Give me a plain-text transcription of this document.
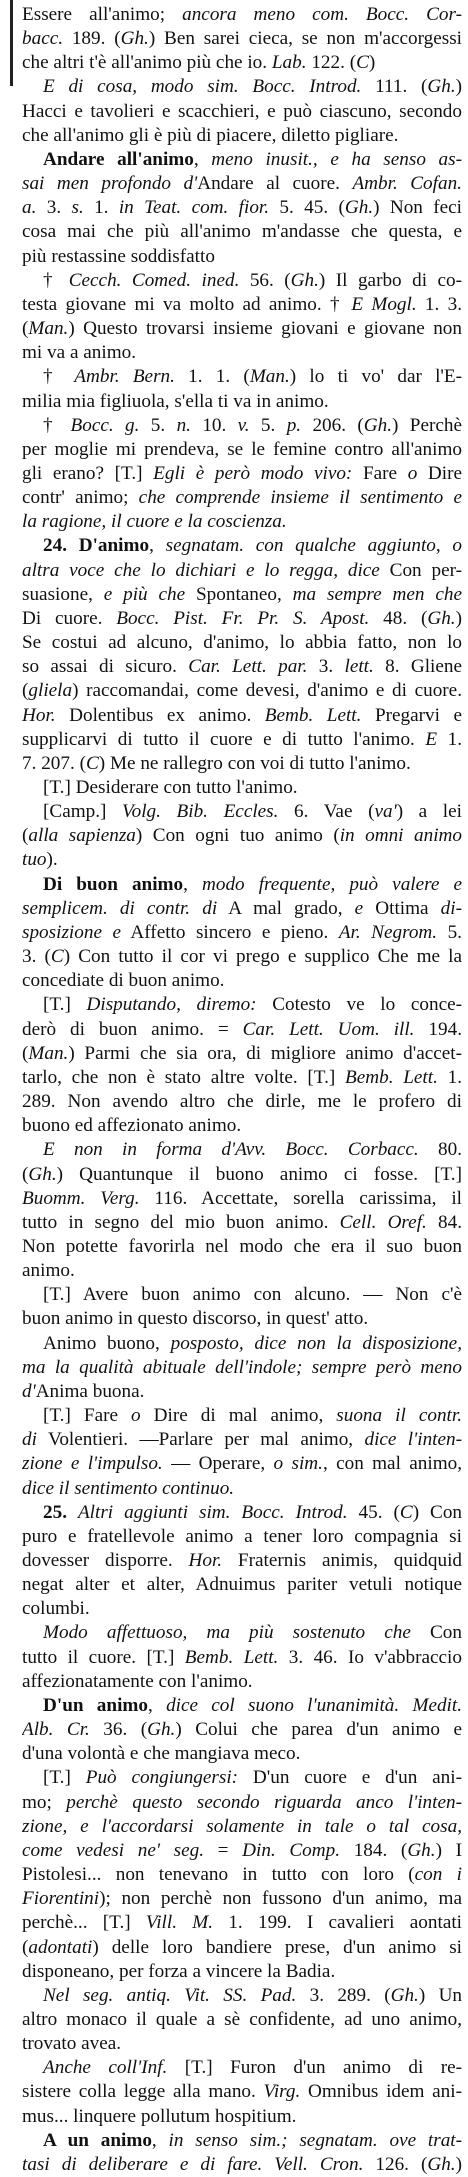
Essere all'animo; ancora meno com. Bocc. Cor-
bacc. 189. (Gh.) Ben sarei cieca, se non m'accorgessi
che altri t'è all'animo più che io. Lab. 122. (C)
E di cosa, modo sim. Bocc. Introd. 111. (Gh.)
Hacci e tavolieri e scacchieri, e può ciascuno, secondo
che all'animo gli è più di piacere, diletto pigliare.
Andare all'animo, meno inusit., e ha senso as-
sai men profondo d'Andare al cuore. Ambr. Cofan.
a. 3. s. 1. in Teat. com. fior. 5. 45. (Gh.) Non feci
cosa mai che più all'animo m'andasse che questa, e
più restassine soddisfatto
† Cecch. Comed. ined. 56. (Gh.) Il garbo di co-
testa giovane mi va molto ad animo. † E Mogl. 1. 3.
(Man.) Questo trovarsi insieme giovani e giovane non
mi va a animo.
† Ambr. Bern. 1. 1. (Man.) lo ti vo' dar l'E-
milia mia figliuola, s'ella ti va in animo.
† Bocc. g. 5. n. 10. v. 5. p. 206. (Gh.) Perchè
per moglie mi prendeva, se le femine contro all'animo
gli erano? [T.] Egli è però modo vivo: Fare o Dire
contr' animo; che comprende insieme il sentimento e
la ragione, il cuore e la coscienza.
24. D'animo, segnatam. con qualche aggiunto, o
altra voce che lo dichiari e lo regga, dice Con per-
suasione, e più che Spontaneo, ma sempre men che
Di cuore. Bocc. Pist. Fr. Pr. S. Apost. 48. (Gh.)
Se costui ad alcuno, d'animo, lo abbia fatto, non lo
so assai di sicuro. Car. Lett. par. 3. lett. 8. Gliene
(gliela) raccomandai, come devesi, d'animo e di cuore.
Hor. Dolentibus ex animo. Bemb. Lett. Pregarvi e
supplicarvi di tutto il cuore e di tutto l'animo. E 1.
7. 207. (C) Me ne rallegro con voi di tutto l'animo.
[T.] Desiderare con tutto l'animo.
[Camp.] Volg. Bib. Eccles. 6. Vae (va') a lei
(alla sapienza) Con ogni tuo animo (in omni animo
tuo).
Di buon animo, modo frequente, può valere e
semplicem. di contr. di A mal grado, e Ottima di-
sposizione e Affetto sincero e pieno. Ar. Negrom. 5.
3. (C) Con tutto il cor vi prego e supplico Che me la
concediate di buon animo.
[T.] Disputando, diremo: Cotesto ve lo conce-
derò di buon animo. = Car. Lett. Uom. ill. 194.
(Man.) Parmi che sia ora, di migliore animo d'accet-
tarlo, che non è stato altre volte. [T.] Bemb. Lett. 1.
289. Non avendo altro che dirle, me le profero di
buono ed affezionato animo.
E non in forma d'Avv. Bocc. Corbacc. 80.
(Gh.) Quantunque il buono animo ci fosse. [T.]
Buomm. Verg. 116. Accettate, sorella carissima, il
tutto in segno del mio buon animo. Cell. Oref. 84.
Non potette favorirla nel modo che era il suo buon
animo.
[T.] Avere buon animo con alcuno. — Non c'è
buon animo in questo discorso, in quest' atto.
Animo buono, posposto, dice non la disposizione,
ma la qualità abituale dell'indole; sempre però meno
d'Anima buona.
[T.] Fare o Dire di mal animo, suona il contr.
di Volentieri. —Parlare per mal animo, dice l'inten-
zione e l'impulso. — Operare, o sim., con mal animo,
dice il sentimento continuo.
25. Altri aggiunti sim. Bocc. Introd. 45. (C) Con
puro e fratellevole animo a tener loro compagnia si
dovesser disporre. Hor. Fraternis animis, quidquid
negat alter et alter, Adnuimus pariter vetuli notique
columbi.
Modo affettuoso, ma più sostenuto che Con
tutto il cuore. [T.] Bemb. Lett. 3. 46. Io v'abbraccio
affezionatamente con l'animo.
D'un animo, dice col suono l'unanimità. Medit.
Alb. Cr. 36. (Gh.) Colui che parea d'un animo e
d'una volontà e che mangiava meco.
[T.] Può congiungersi: D'un cuore e d'un ani-
mo; perchè questo secondo riguarda anco l'inten-
zione, e l'accordarsi solamente in tale o tal cosa,
come vedesi ne' seg. = Din. Comp. 184. (Gh.) I
Pistolesi... non tenevano in tutto con loro (con i
Fiorentini); non perchè non fussono d'un animo, ma
perchè... [T.] Vill. M. 1. 199. I cavalieri aontati
(adontati) delle loro bandiere prese, d'un animo si
disponeano, per forza a vincere la Badia.
Nel seg. antiq. Vit. SS. Pad. 3. 289. (Gh.) Un
altro monaco il quale a sè confidente, ad uno animo,
trovato avea.
Anche coll'Inf. [T.] Furon d'un animo di re-
sistere colla legge alla mano. Virg. Omnibus idem ani-
mus... linquere pollutum hospitium.
A un animo, in senso sim.; segnatam. ove trat-
tasi di deliberare e di fare. Vell. Cron. 126. (Gh.)
